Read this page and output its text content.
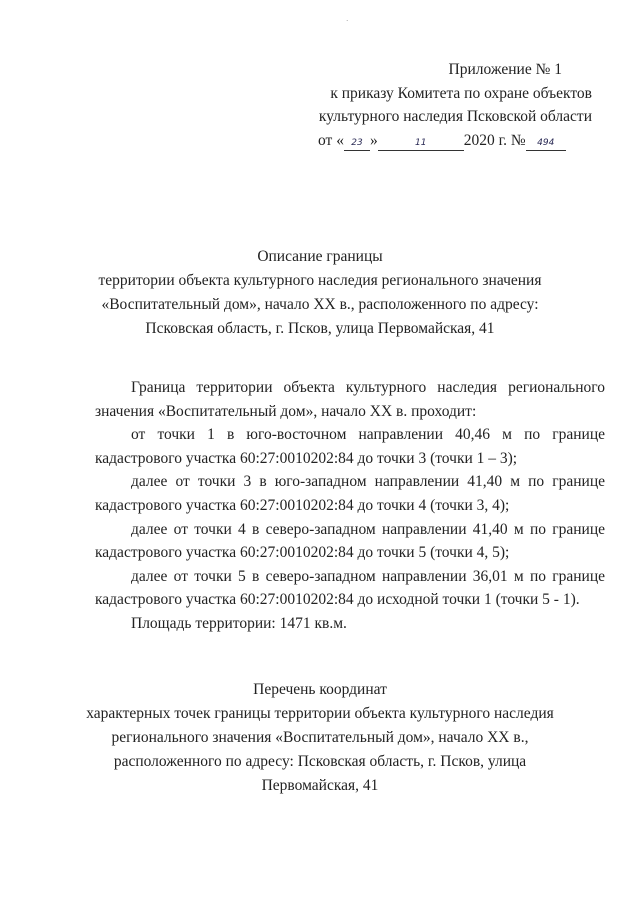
·
Приложение № 1
к приказу Комитета по охране объектов
культурного наследия Псковской области
от « 23 »	11 2020 г. № 494
Описание границы
территории объекта культурного наследия регионального значения
«Воспитательный дом», начало XX в., расположенного по адресу:
Псковская область, г. Псков, улица Первомайская, 41
Граница территории объекта культурного наследия регионального
значения «Воспитательный дом», начало XX в. проходит:
от точки 1 в юго-восточном направлении 40,46 м по границе
кадастрового участка 60:27:0010202:84 до точки 3 (точки 1 – 3);
далее от точки 3 в юго-западном направлении 41,40 м по границе
кадастрового участка 60:27:0010202:84 до точки 4 (точки 3, 4);
далее от точки 4 в северо-западном направлении 41,40 м по границе
кадастрового участка 60:27:0010202:84 до точки 5 (точки 4, 5);
далее от точки 5 в северо-западном направлении 36,01 м по границе
кадастрового участка 60:27:0010202:84 до исходной точки 1 (точки 5 - 1).
Площадь территории: 1471 кв.м.
Перечень координат
характерных точек границы территории объекта культурного наследия
регионального значения «Воспитательный дом», начало XX в.,
расположенного по адресу: Псковская область, г. Псков, улица
Первомайская, 41
